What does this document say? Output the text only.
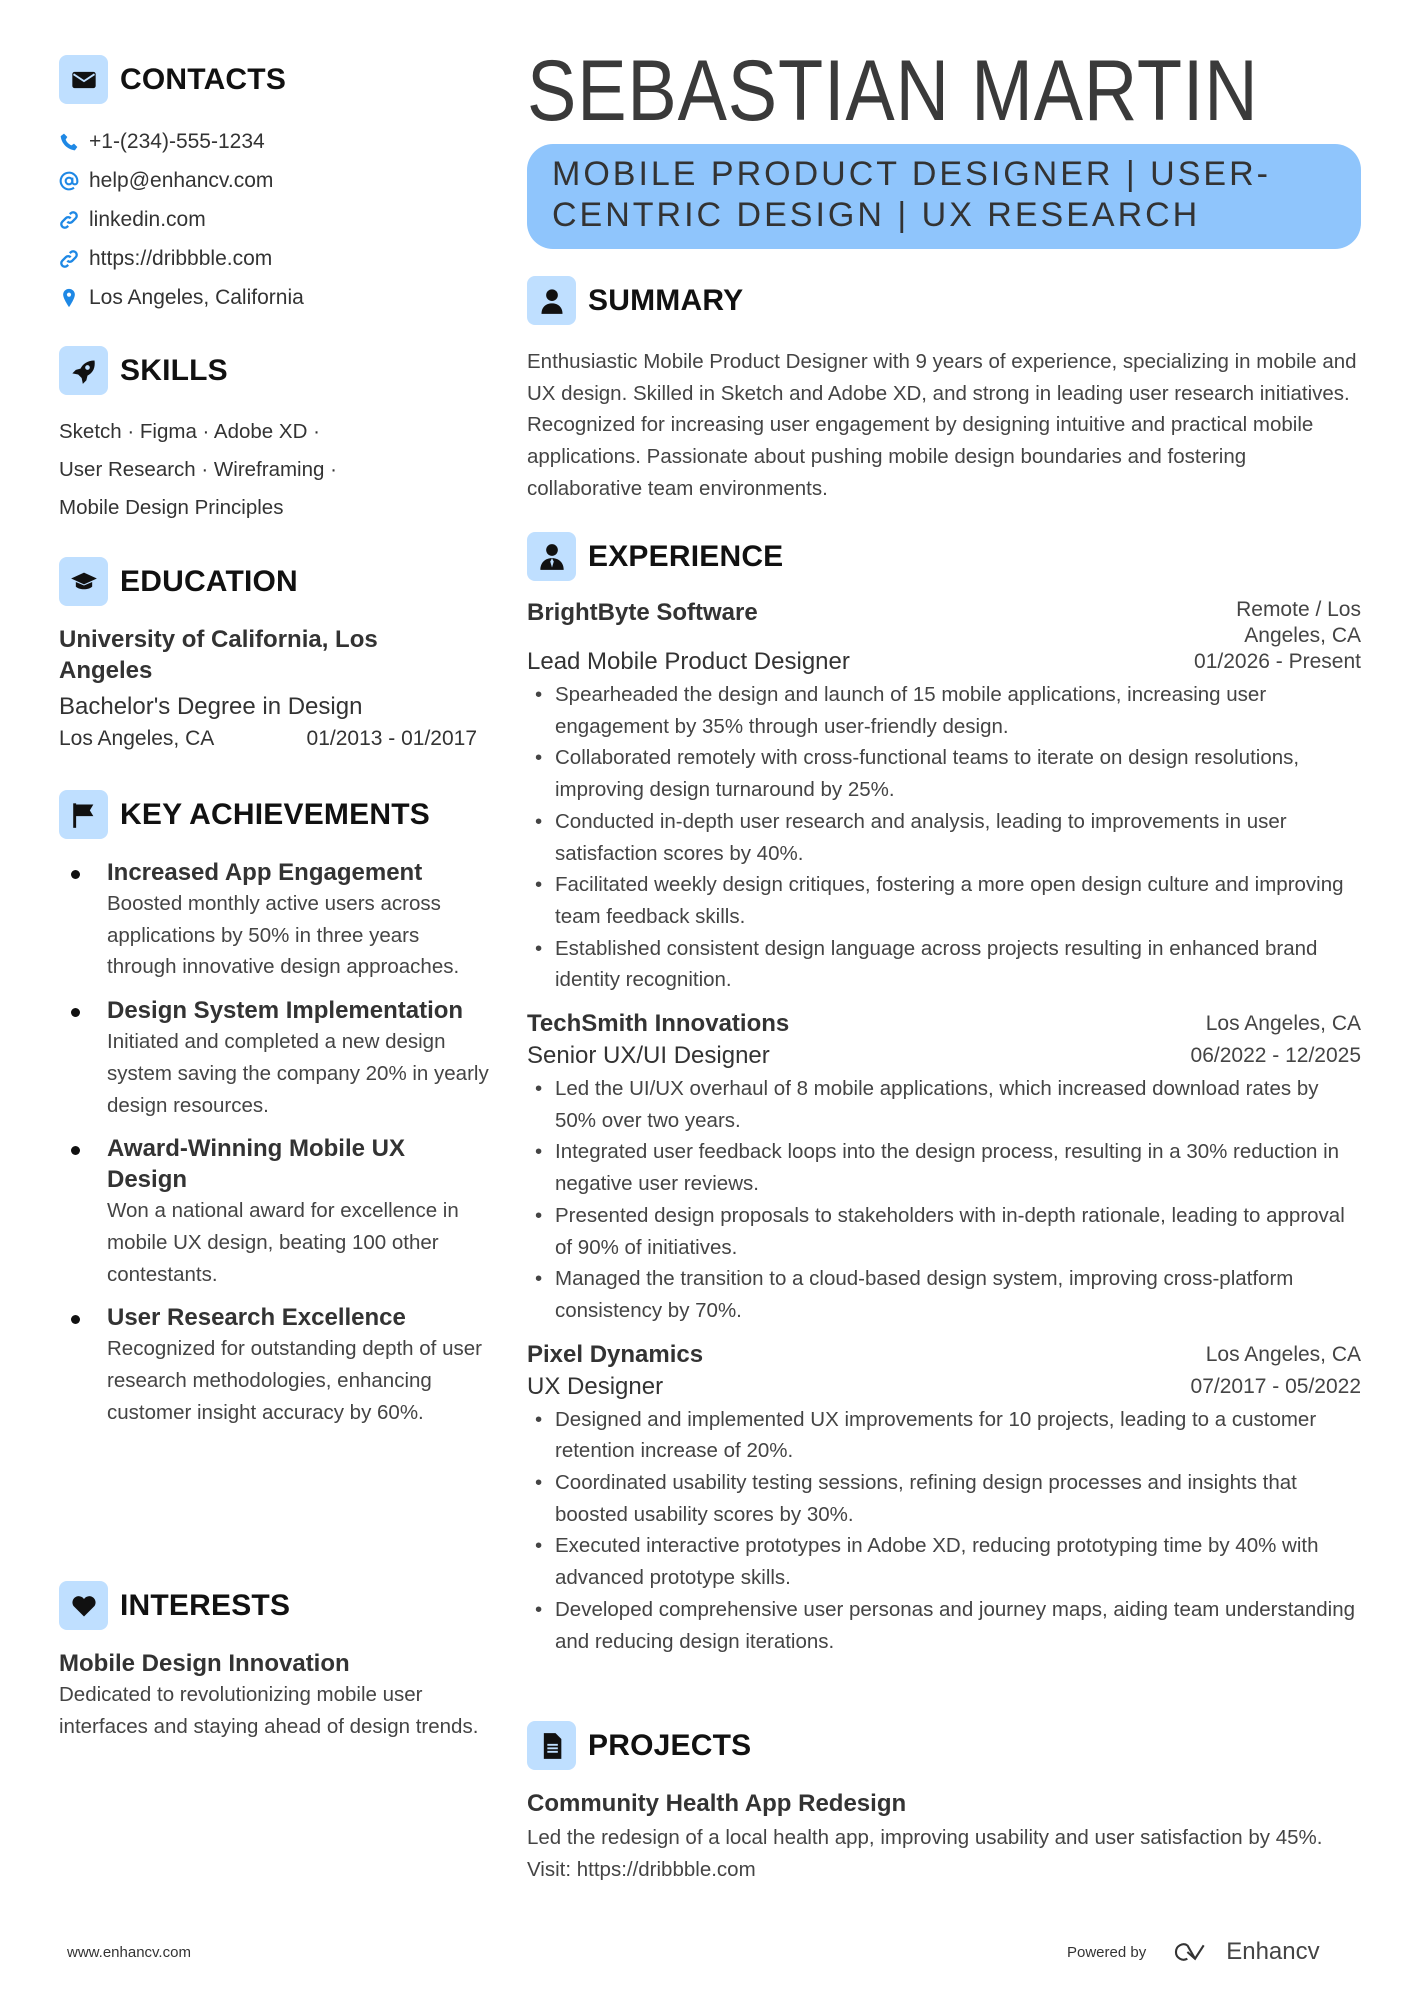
CONTACTS
+1-(234)-555-1234
help@enhancv.com
linkedin.com
https://dribbble.com
Los Angeles, California
SKILLS
Sketch · Figma · Adobe XD ·
User Research · Wireframing ·
Mobile Design Principles
EDUCATION
University of California, Los Angeles
Bachelor's Degree in Design
Los Angeles, CA	01/2013 - 01/2017
KEY ACHIEVEMENTS
Increased App Engagement
Boosted monthly active users across applications by 50% in three years through innovative design approaches.
Design System Implementation
Initiated and completed a new design system saving the company 20% in yearly design resources.
Award-Winning Mobile UX Design
Won a national award for excellence in mobile UX design, beating 100 other contestants.
User Research Excellence
Recognized for outstanding depth of user research methodologies, enhancing customer insight accuracy by 60%.
INTERESTS
Mobile Design Innovation
Dedicated to revolutionizing mobile user interfaces and staying ahead of design trends.
SEBASTIAN MARTIN
MOBILE PRODUCT DESIGNER | USER-CENTRIC DESIGN | UX RESEARCH
SUMMARY
Enthusiastic Mobile Product Designer with 9 years of experience, specializing in mobile and UX design. Skilled in Sketch and Adobe XD, and strong in leading user research initiatives. Recognized for increasing user engagement by designing intuitive and practical mobile applications. Passionate about pushing mobile design boundaries and fostering collaborative team environments.
EXPERIENCE
BrightByte Software	Remote / Los Angeles, CA
Lead Mobile Product Designer	01/2026 - Present
• Spearheaded the design and launch of 15 mobile applications, increasing user engagement by 35% through user-friendly design.
• Collaborated remotely with cross-functional teams to iterate on design resolutions, improving design turnaround by 25%.
• Conducted in-depth user research and analysis, leading to improvements in user satisfaction scores by 40%.
• Facilitated weekly design critiques, fostering a more open design culture and improving team feedback skills.
• Established consistent design language across projects resulting in enhanced brand identity recognition.
TechSmith Innovations	Los Angeles, CA
Senior UX/UI Designer	06/2022 - 12/2025
• Led the UI/UX overhaul of 8 mobile applications, which increased download rates by 50% over two years.
• Integrated user feedback loops into the design process, resulting in a 30% reduction in negative user reviews.
• Presented design proposals to stakeholders with in-depth rationale, leading to approval of 90% of initiatives.
• Managed the transition to a cloud-based design system, improving cross-platform consistency by 70%.
Pixel Dynamics	Los Angeles, CA
UX Designer	07/2017 - 05/2022
• Designed and implemented UX improvements for 10 projects, leading to a customer retention increase of 20%.
• Coordinated usability testing sessions, refining design processes and insights that boosted usability scores by 30%.
• Executed interactive prototypes in Adobe XD, reducing prototyping time by 40% with advanced prototype skills.
• Developed comprehensive user personas and journey maps, aiding team understanding and reducing design iterations.
PROJECTS
Community Health App Redesign
Led the redesign of a local health app, improving usability and user satisfaction by 45%. Visit: https://dribbble.com
www.enhancv.com	Powered by	Enhancv
